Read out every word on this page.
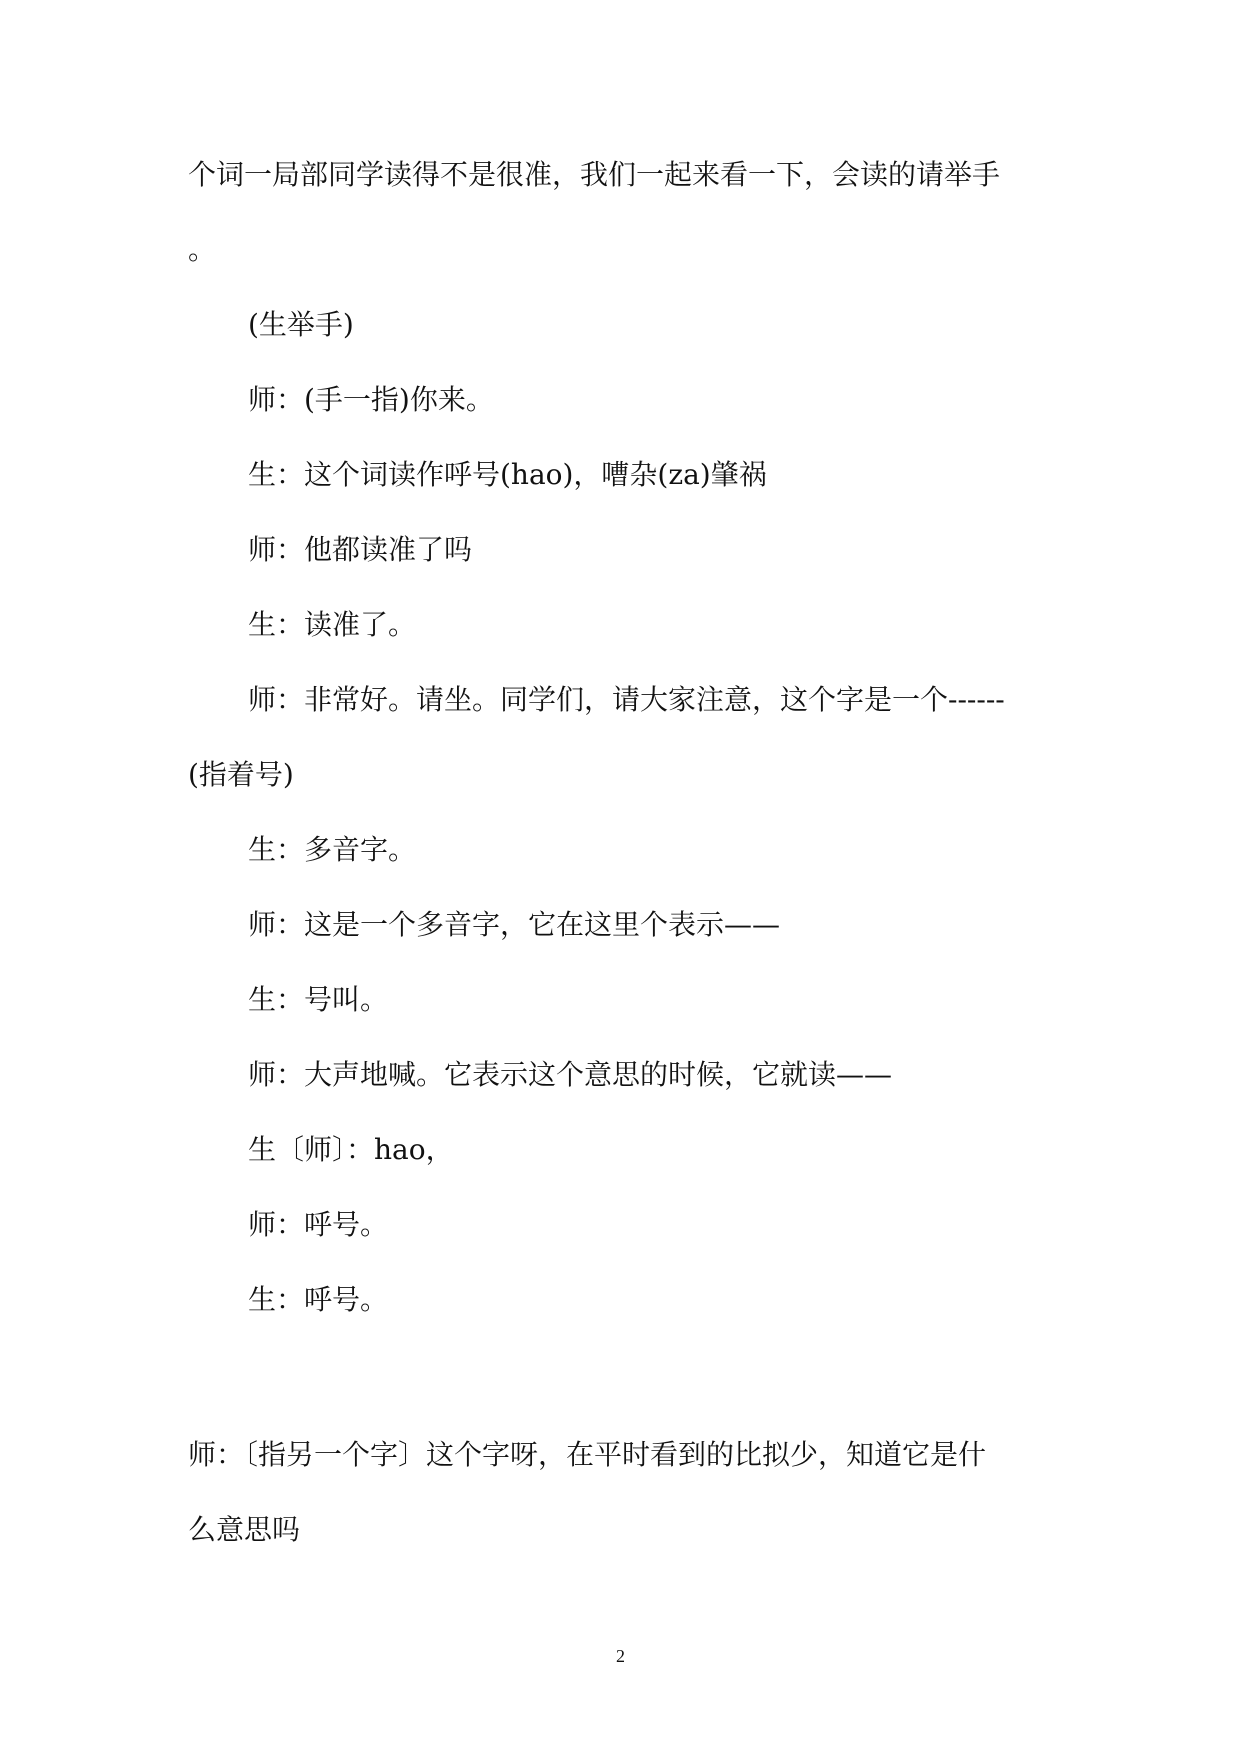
个词一局部同学读得不是很准，我们一起来看一下，会读的请举手
。
(生举手)
师：(手一指)你来。
生：这个词读作呼号(hao)，嘈杂(za)肇祸
师：他都读准了吗
生：读准了。
师：非常好。请坐。同学们，请大家注意，这个字是一个------
(指着号)
生：多音字。
师：这是一个多音字，它在这里个表示——
生：号叫。
师：大声地喊。它表示这个意思的时候，它就读——
生〔师〕：hao，
师：呼号。
生：呼号。
师：〔指另一个字〕这个字呀，在平时看到的比拟少，知道它是什
么意思吗
2
